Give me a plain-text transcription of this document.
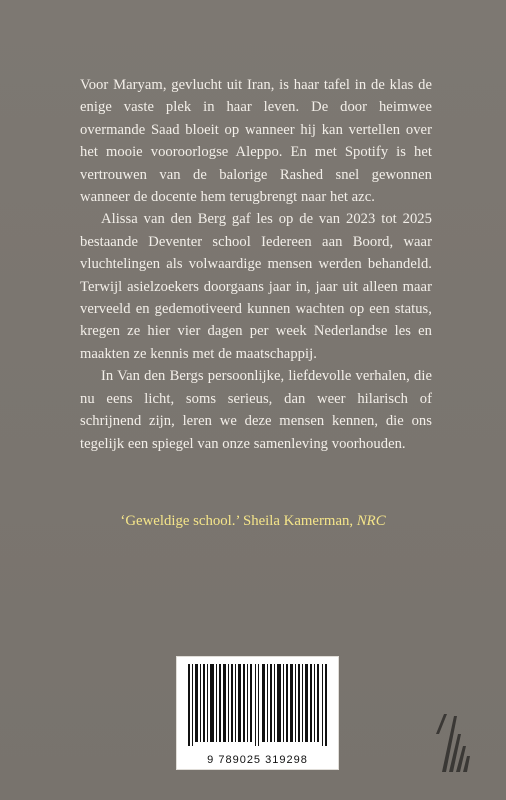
Voor Maryam, gevlucht uit Iran, is haar tafel in de klas de enige vaste plek in haar leven. De door heimwee overmande Saad bloeit op wanneer hij kan vertellen over het mooie vooroorlogse Aleppo. En met Spotify is het vertrouwen van de balorige Rashed snel gewonnen wanneer de docente hem terugbrengt naar het azc.

Alissa van den Berg gaf les op de van 2023 tot 2025 bestaande Deventer school Iedereen aan Boord, waar vluchtelingen als volwaardige mensen werden behandeld. Terwijl asielzoekers doorgaans jaar in, jaar uit alleen maar verveeld en gedemotiveerd kunnen wachten op een status, kregen ze hier vier dagen per week Nederlandse les en maakten ze kennis met de maatschappij.

In Van den Bergs persoonlijke, liefdevolle verhalen, die nu eens licht, soms serieus, dan weer hilarisch of schrijnend zijn, leren we deze mensen kennen, die ons tegelijk een spiegel van onze samenleving voorhouden.

‘Geweldige school.’ Sheila Kamerman, NRC
9 789025 319298
